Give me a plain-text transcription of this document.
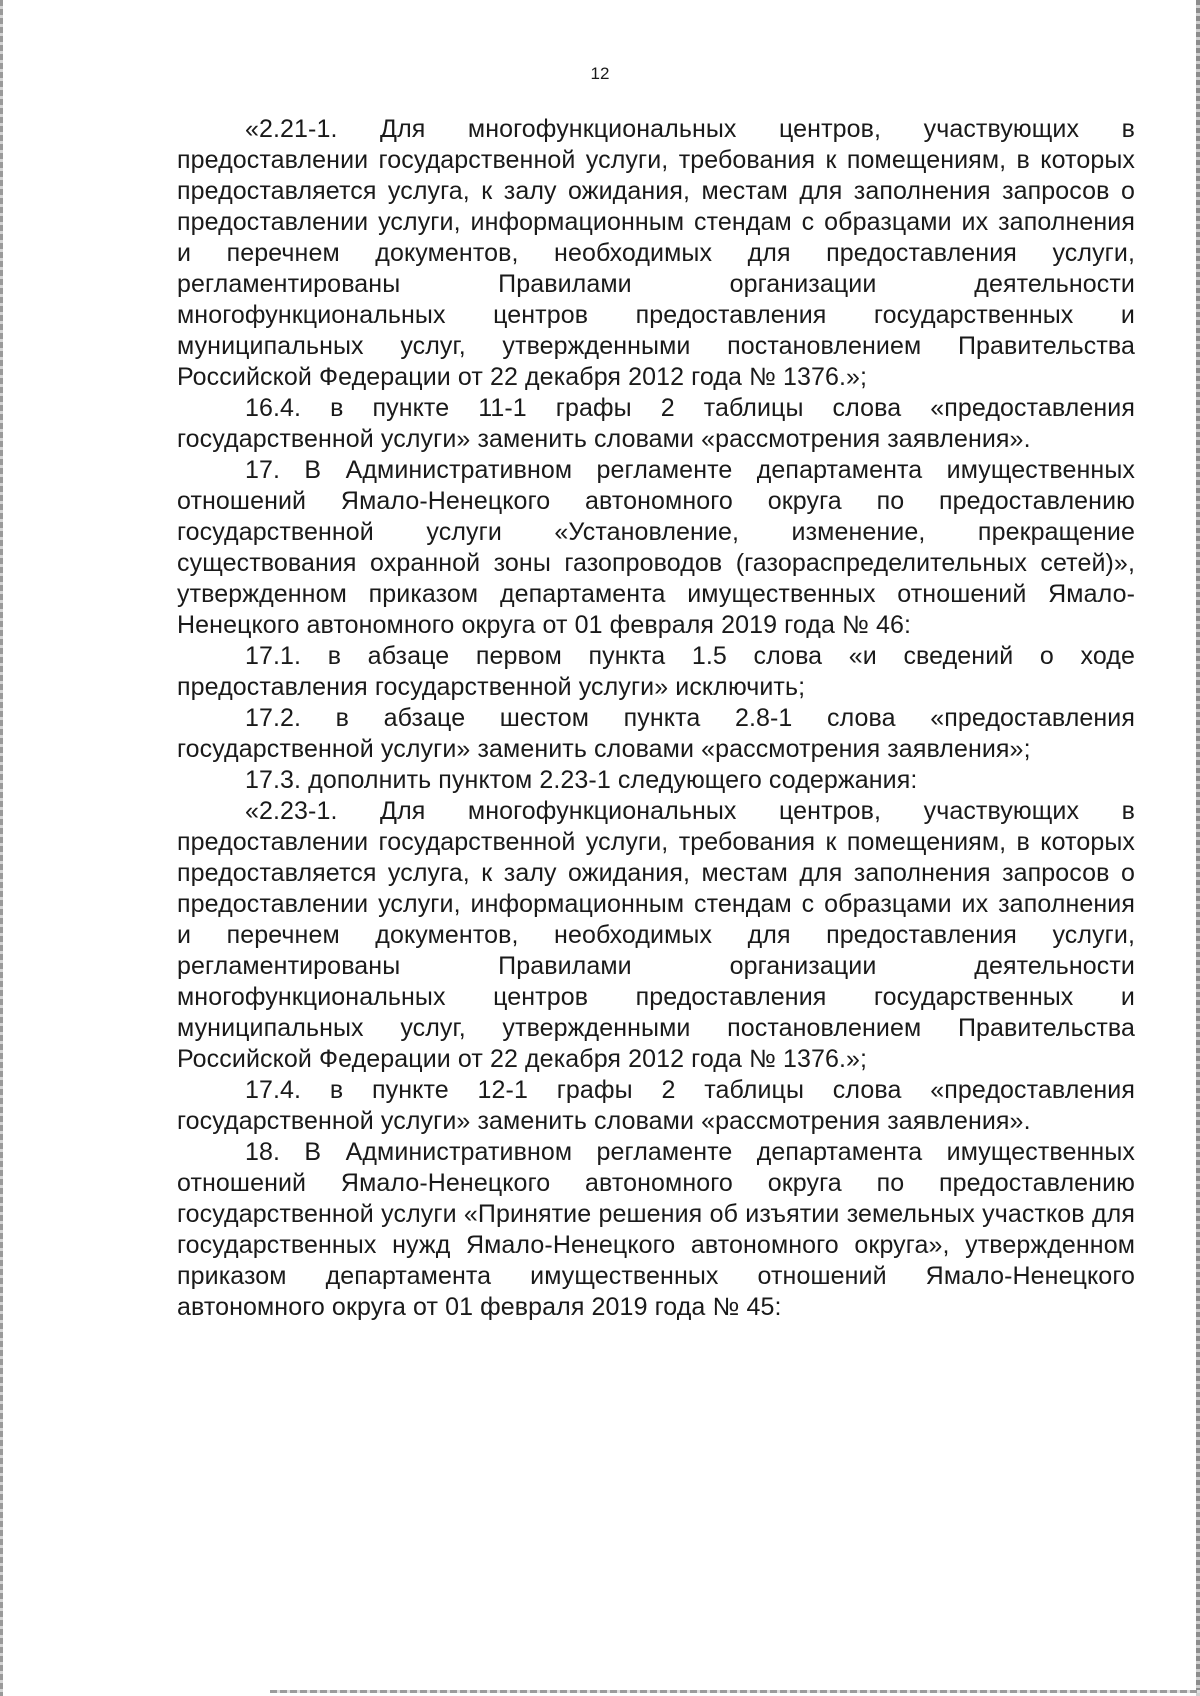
12

«2.21-1. Для многофункциональных центров, участвующих в предоставлении государственной услуги, требования к помещениям, в которых предоставляется услуга, к залу ожидания, местам для заполнения запросов о предоставлении услуги, информационным стендам с образцами их заполнения и перечнем документов, необходимых для предоставления услуги, регламентированы Правилами организации деятельности многофункциональных центров предоставления государственных и муниципальных услуг, утвержденными постановлением Правительства Российской Федерации от 22 декабря 2012 года № 1376.»;

16.4. в пункте 11-1 графы 2 таблицы слова «предоставления государственной услуги» заменить словами «рассмотрения заявления».

17. В Административном регламенте департамента имущественных отношений Ямало-Ненецкого автономного округа по предоставлению государственной услуги «Установление, изменение, прекращение существования охранной зоны газопроводов (газораспределительных сетей)», утвержденном приказом департамента имущественных отношений Ямало-Ненецкого автономного округа от 01 февраля 2019 года № 46:

17.1. в абзаце первом пункта 1.5 слова «и сведений о ходе предоставления государственной услуги» исключить;

17.2. в абзаце шестом пункта 2.8-1 слова «предоставления государственной услуги» заменить словами «рассмотрения заявления»;

17.3. дополнить пунктом 2.23-1 следующего содержания:

«2.23-1. Для многофункциональных центров, участвующих в предоставлении государственной услуги, требования к помещениям, в которых предоставляется услуга, к залу ожидания, местам для заполнения запросов о предоставлении услуги, информационным стендам с образцами их заполнения и перечнем документов, необходимых для предоставления услуги, регламентированы Правилами организации деятельности многофункциональных центров предоставления государственных и муниципальных услуг, утвержденными постановлением Правительства Российской Федерации от 22 декабря 2012 года № 1376.»;

17.4. в пункте 12-1 графы 2 таблицы слова «предоставления государственной услуги» заменить словами «рассмотрения заявления».

18. В Административном регламенте департамента имущественных отношений Ямало-Ненецкого автономного округа по предоставлению государственной услуги «Принятие решения об изъятии земельных участков для государственных нужд Ямало-Ненецкого автономного округа», утвержденном приказом департамента имущественных отношений Ямало-Ненецкого автономного округа от 01 февраля 2019 года № 45:
